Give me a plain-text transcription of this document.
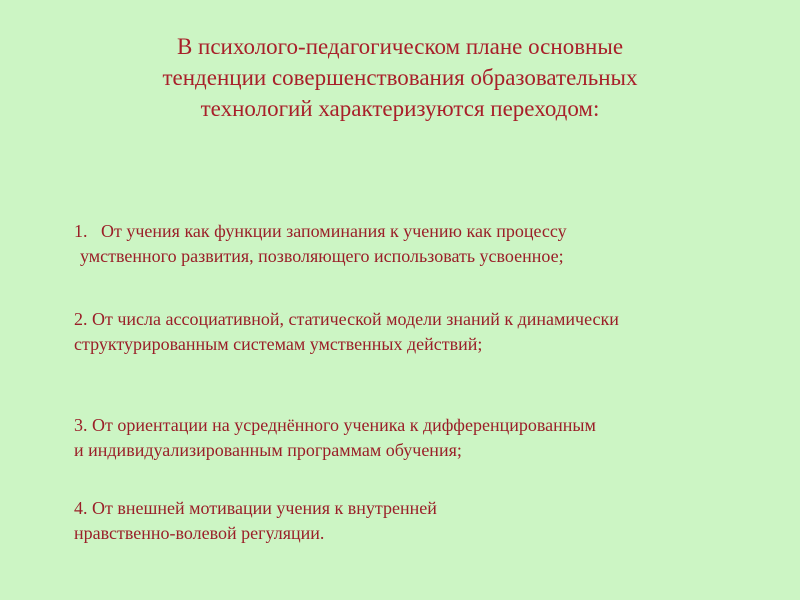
В психолого-педагогическом плане основные
тенденции совершенствования образовательных
технологий характеризуются переходом:
1.   От учения как функции запоминания к учению как процессу
умственного развития, позволяющего использовать усвоенное;
2. От числа ассоциативной, статической модели знаний к динамически
структурированным системам умственных действий;
3. От ориентации на усреднённого ученика к дифференцированным
и индивидуализированным программам обучения;
4. От внешней мотивации учения к внутренней
нравственно-волевой регуляции.
